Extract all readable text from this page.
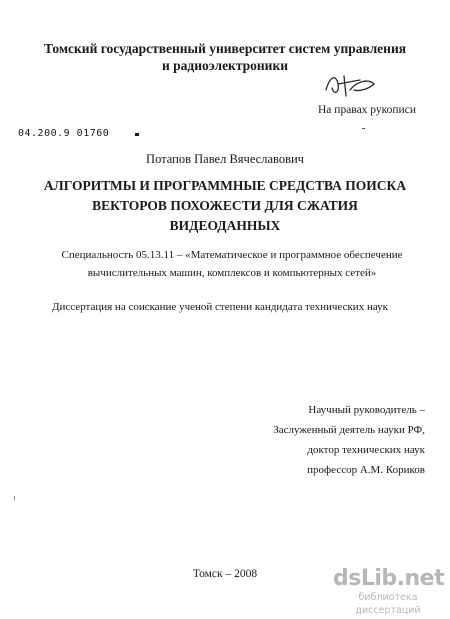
Томский государственный университет систем управления
и радиоэлектроники
На правах рукописи
04.200.9 01760
Потапов Павел Вячеславович
АЛГОРИТМЫ И ПРОГРАММНЫЕ СРЕДСТВА ПОИСКА
ВЕКТОРОВ ПОХОЖЕСТИ ДЛЯ СЖАТИЯ
ВИДЕОДАННЫХ
Специальность 05.13.11 – «Математическое и программное обеспечение
вычислительных машин, комплексов и компьютерных сетей»
Диссертация на соискание ученой степени кандидата технических наук
Научный руководитель –
Заслуженный деятель науки РФ,
доктор технических наук
профессор А.М. Кориков
Томск – 2008	dsLib.net
библиотека диссертаций
